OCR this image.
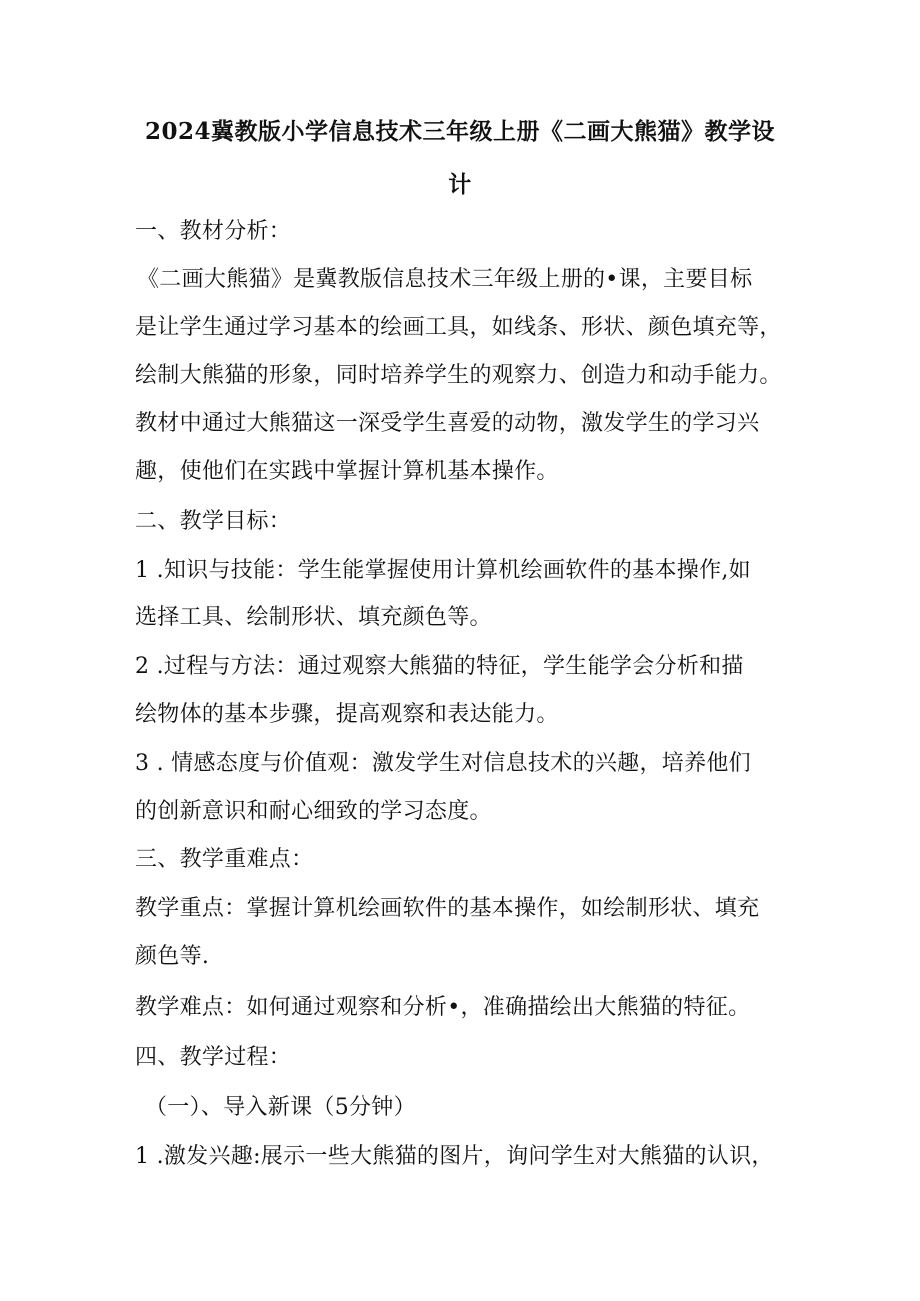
2024冀教版小学信息技术三年级上册《二画大熊猫》教学设
计
一、教材分析：
《二画大熊猫》是冀教版信息技术三年级上册的•课，主要目标
是让学生通过学习基本的绘画工具，如线条、形状、颜色填充等，
绘制大熊猫的形象，同时培养学生的观察力、创造力和动手能力。
教材中通过大熊猫这一深受学生喜爱的动物，激发学生的学习兴
趣，使他们在实践中掌握计算机基本操作。
二、教学目标：
1 .知识与技能：学生能掌握使用计算机绘画软件的基本操作,如
选择工具、绘制形状、填充颜色等。
2 .过程与方法：通过观察大熊猫的特征，学生能学会分析和描
绘物体的基本步骤，提高观察和表达能力。
3 . 情感态度与价值观：激发学生对信息技术的兴趣，培养他们
的创新意识和耐心细致的学习态度。
三、教学重难点：
教学重点：掌握计算机绘画软件的基本操作，如绘制形状、填充
颜色等.
教学难点：如何通过观察和分析•，准确描绘出大熊猫的特征。
四、教学过程：
（一）、导入新课（5分钟）
1 .激发兴趣:展示一些大熊猫的图片，询问学生对大熊猫的认识，
